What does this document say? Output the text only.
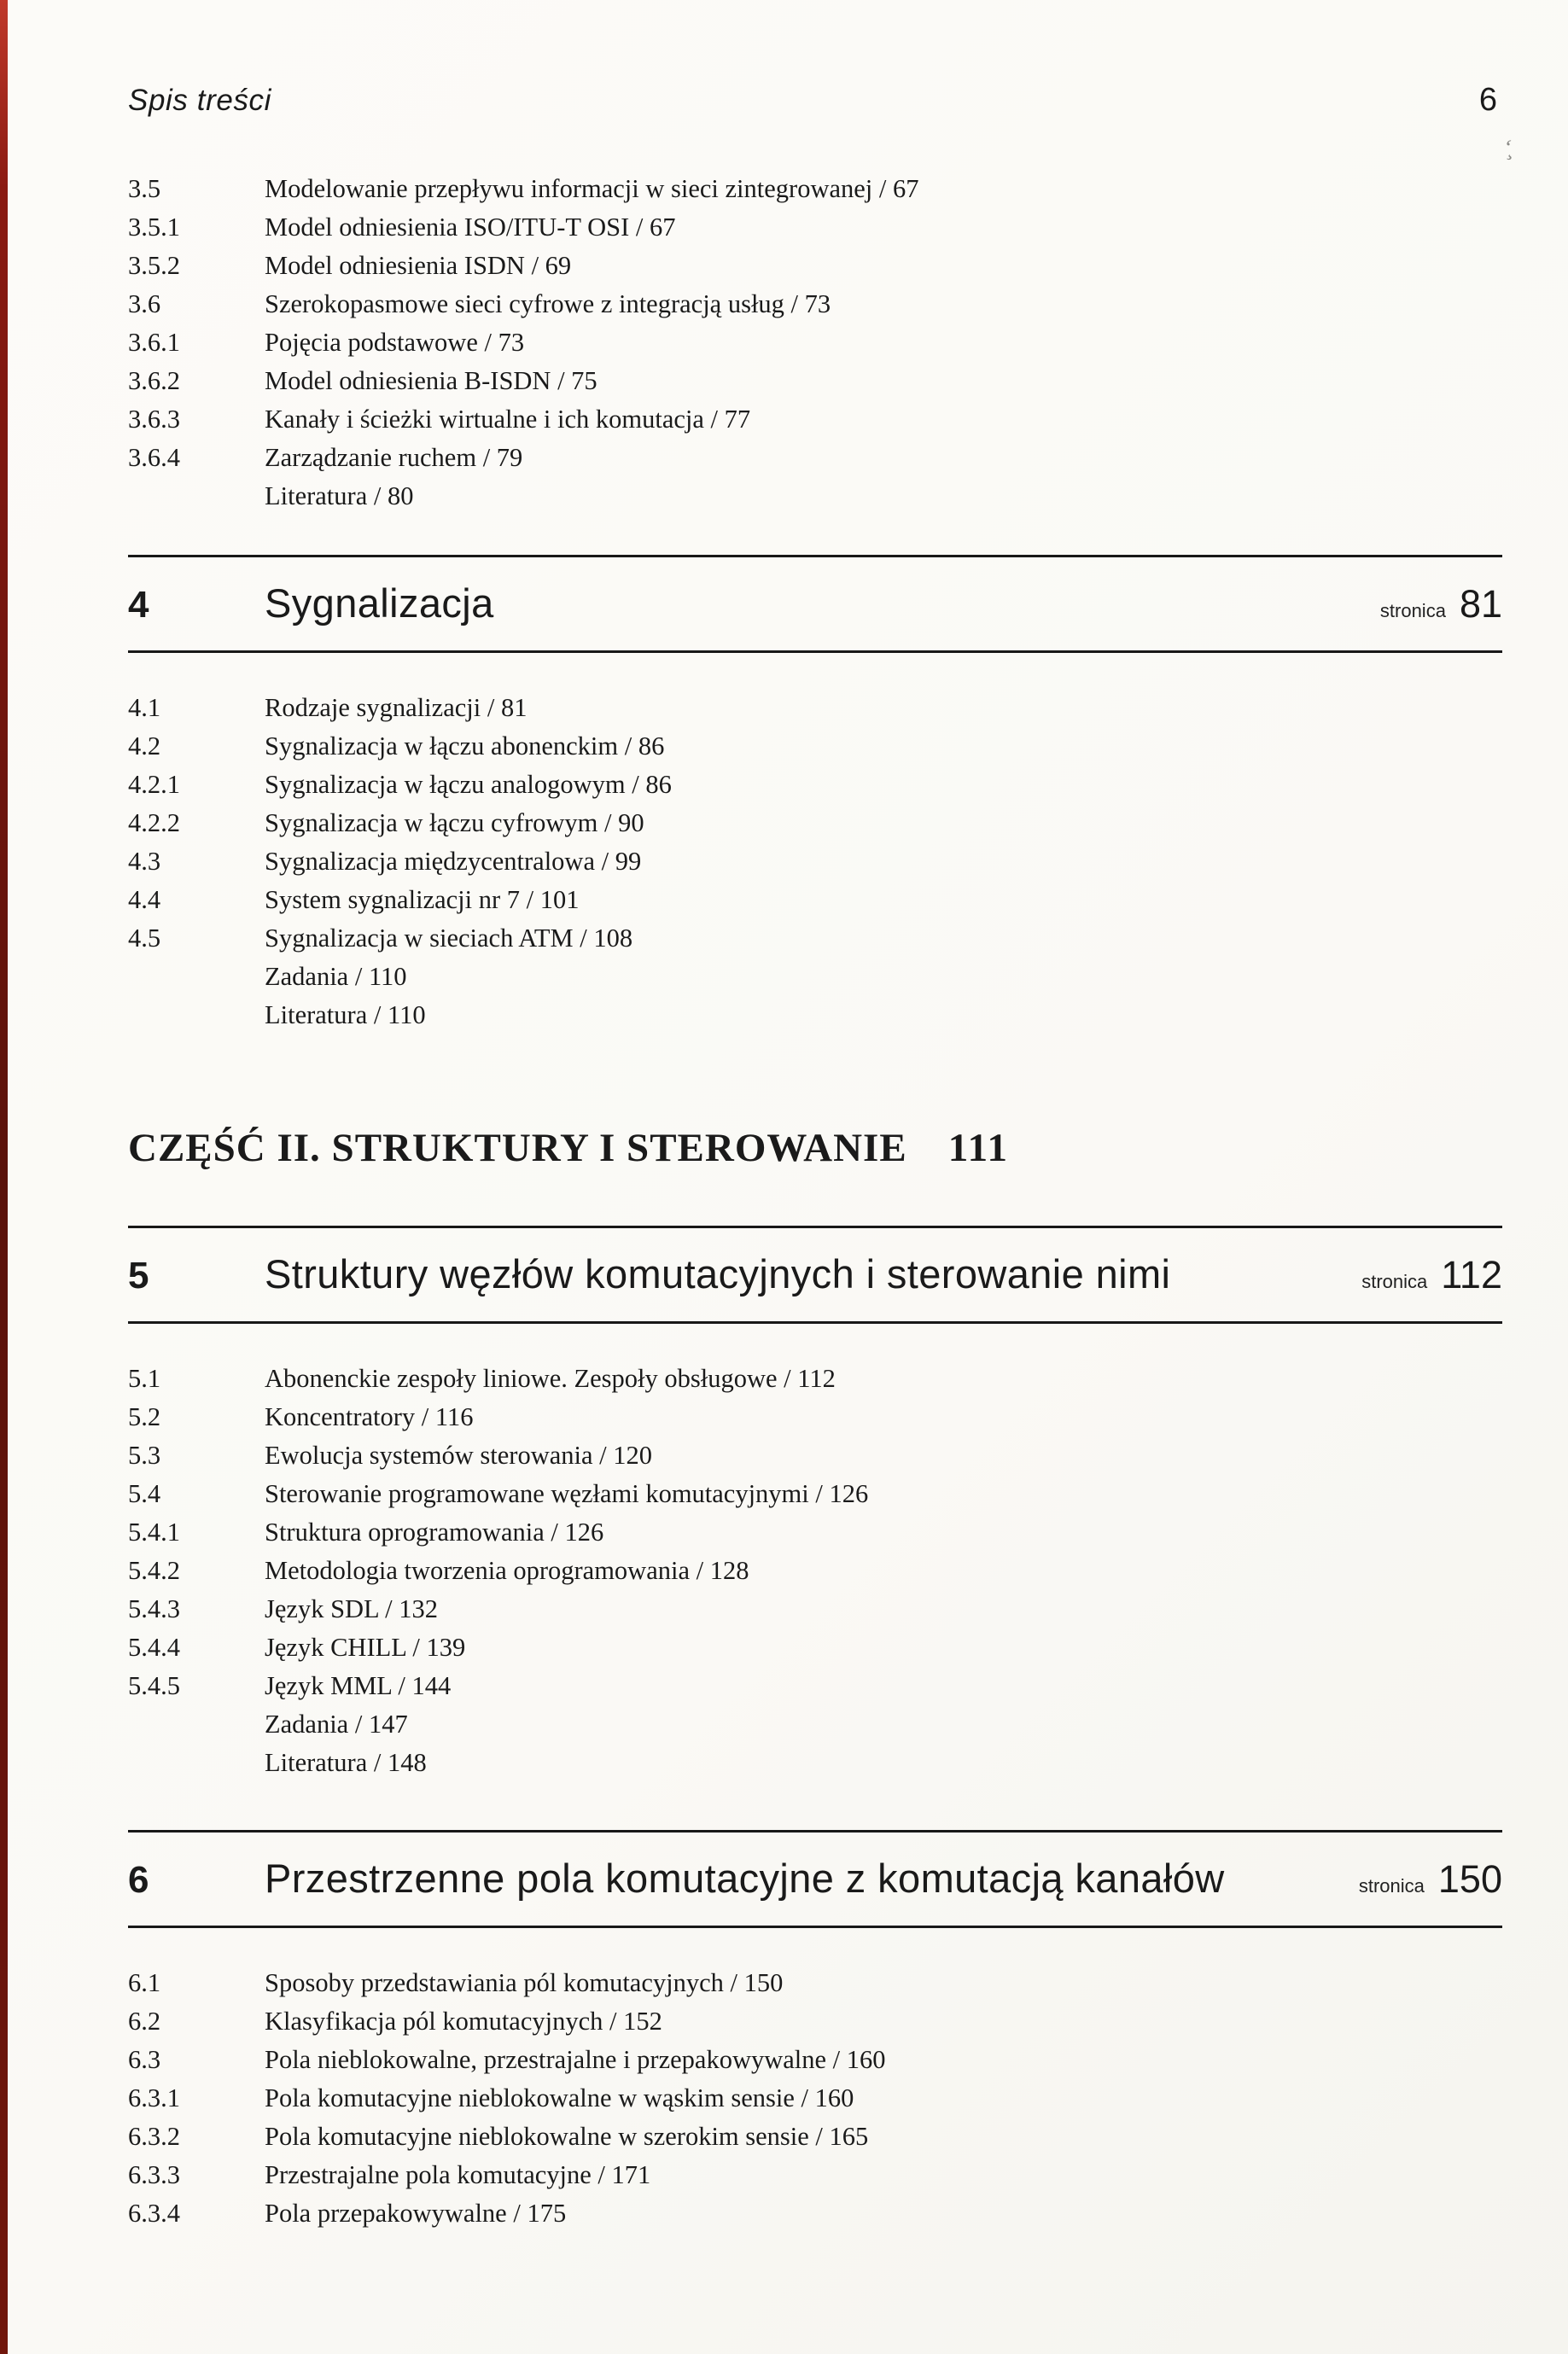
ʻ̧
Spis treści	6
3.5	Modelowanie przepływu informacji w sieci zintegrowanej / 67
3.5.1	Model odniesienia ISO/ITU-T OSI / 67
3.5.2	Model odniesienia ISDN / 69
3.6	Szerokopasmowe sieci cyfrowe z integracją usług / 73
3.6.1	Pojęcia podstawowe / 73
3.6.2	Model odniesienia B-ISDN / 75
3.6.3	Kanały i ścieżki wirtualne i ich komutacja / 77
3.6.4	Zarządzanie ruchem / 79
Literatura / 80
4	Sygnalizacja	stronica 81
4.1	Rodzaje sygnalizacji / 81
4.2	Sygnalizacja w łączu abonenckim / 86
4.2.1	Sygnalizacja w łączu analogowym / 86
4.2.2	Sygnalizacja w łączu cyfrowym / 90
4.3	Sygnalizacja międzycentralowa / 99
4.4	System sygnalizacji nr 7 / 101
4.5	Sygnalizacja w sieciach ATM / 108
Zadania / 110
Literatura / 110
CZĘŚĆ II. STRUKTURY I STEROWANIE 111
5	Struktury węzłów komutacyjnych i sterowanie nimi	stronica 112
5.1	Abonenckie zespoły liniowe. Zespoły obsługowe / 112
5.2	Koncentratory / 116
5.3	Ewolucja systemów sterowania / 120
5.4	Sterowanie programowane węzłami komutacyjnymi / 126
5.4.1	Struktura oprogramowania / 126
5.4.2	Metodologia tworzenia oprogramowania / 128
5.4.3	Język SDL / 132
5.4.4	Język CHILL / 139
5.4.5	Język MML / 144
Zadania / 147
Literatura / 148
6	Przestrzenne pola komutacyjne z komutacją kanałów	stronica 150
6.1	Sposoby przedstawiania pól komutacyjnych / 150
6.2	Klasyfikacja pól komutacyjnych / 152
6.3	Pola nieblokowalne, przestrajalne i przepakowywalne / 160
6.3.1	Pola komutacyjne nieblokowalne w wąskim sensie / 160
6.3.2	Pola komutacyjne nieblokowalne w szerokim sensie / 165
6.3.3	Przestrajalne pola komutacyjne / 171
6.3.4	Pola przepakowywalne / 175
